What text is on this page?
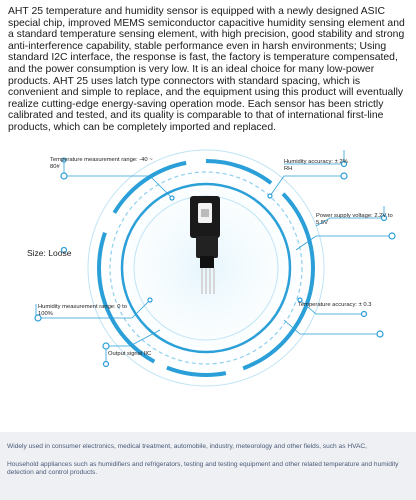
AHT 25 temperature and humidity sensor is equipped with a newly designed ASIC special chip, improved MEMS semiconductor capacitive humidity sensing element and a standard temperature sensing element, with high precision, good stability and strong anti-interference capability, stable performance even in harsh environments; Using standard I2C interface, the response is fast, the factory is temperature compensated, and the power consumption is very low. It is an ideal choice for many low-power products. AHT 25 uses latch type connectors with standard spacing, which is convenient and simple to replace, and the equipment using this product will eventually realize cutting-edge energy-saving operation mode. Each sensor has been strictly calibrated and tested, and its quality is comparable to that of international first-line products, which can be completely imported and replaced.

Temperature measurement range: -40 ~ 80#
Humidity accuracy: ± 2% RH
Power supply voltage: 2.2V to 5.5V
Size: Loose
Humidity measurement range: 0 to 100%
Temperature accuracy: ± 0.3
Output signal IIC

Widely used in consumer electronics, medical treatment, automobile, industry, meteorology and other fields, such as HVAC,

Household appliances such as humidifiers and refrigerators, testing and testing equipment and other related temperature and humidity detection and control products.
